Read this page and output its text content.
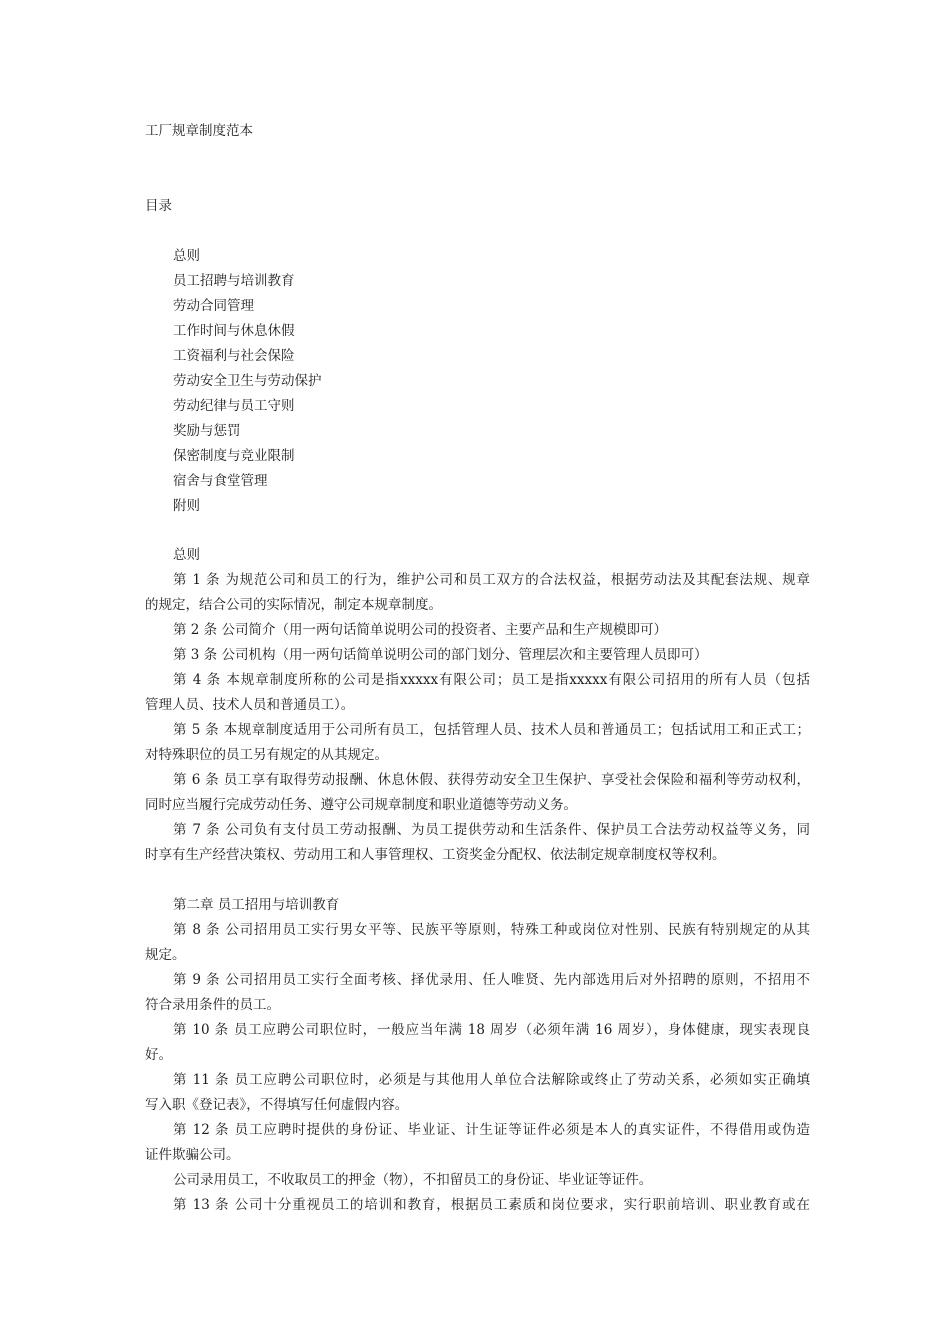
工厂规章制度范本
目录
总则
员工招聘与培训教育
劳动合同管理
工作时间与休息休假
工资福利与社会保险
劳动安全卫生与劳动保护
劳动纪律与员工守则
奖励与惩罚
保密制度与竞业限制
宿舍与食堂管理
附则
总则
第 1 条 为规范公司和员工的行为，维护公司和员工双方的合法权益，根据劳动法及其配套法规、规章
的规定，结合公司的实际情况，制定本规章制度。
第 2 条 公司简介（用一两句话简单说明公司的投资者、主要产品和生产规模即可）
第 3 条 公司机构（用一两句话简单说明公司的部门划分、管理层次和主要管理人员即可）
第 4 条 本规章制度所称的公司是指xxxxx有限公司；员工是指xxxxx有限公司招用的所有人员（包括
管理人员、技术人员和普通员工）。
第 5 条 本规章制度适用于公司所有员工，包括管理人员、技术人员和普通员工；包括试用工和正式工；
对特殊职位的员工另有规定的从其规定。
第 6 条 员工享有取得劳动报酬、休息休假、获得劳动安全卫生保护、享受社会保险和福利等劳动权利，
同时应当履行完成劳动任务、遵守公司规章制度和职业道德等劳动义务。
第 7 条 公司负有支付员工劳动报酬、为员工提供劳动和生活条件、保护员工合法劳动权益等义务，同
时享有生产经营决策权、劳动用工和人事管理权、工资奖金分配权、依法制定规章制度权等权利。
第二章 员工招用与培训教育
第 8 条 公司招用员工实行男女平等、民族平等原则，特殊工种或岗位对性别、民族有特别规定的从其
规定。
第 9 条 公司招用员工实行全面考核、择优录用、任人唯贤、先内部选用后对外招聘的原则，不招用不
符合录用条件的员工。
第 10 条 员工应聘公司职位时，一般应当年满 18 周岁（必须年满 16 周岁），身体健康，现实表现良
好。
第 11 条 员工应聘公司职位时，必须是与其他用人单位合法解除或终止了劳动关系，必须如实正确填
写入职《登记表》，不得填写任何虚假内容。
第 12 条 员工应聘时提供的身份证、毕业证、计生证等证件必须是本人的真实证件，不得借用或伪造
证件欺骗公司。
公司录用员工，不收取员工的押金（物），不扣留员工的身份证、毕业证等证件。
第 13 条 公司十分重视员工的培训和教育，根据员工素质和岗位要求，实行职前培训、职业教育或在
